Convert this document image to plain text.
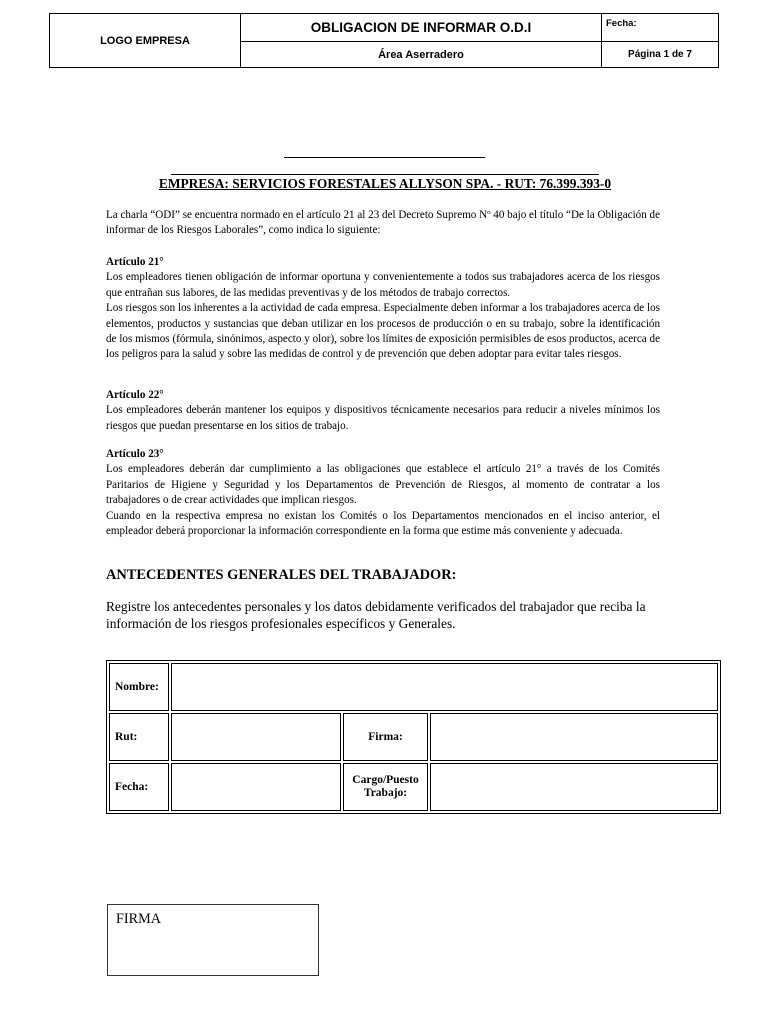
LOGO EMPRESA	OBLIGACION DE INFORMAR O.D.I	Fecha:
	Área Aserradero	Página 1 de 7
EMPRESA: SERVICIOS FORESTALES ALLYSON SPA. - RUT: 76.399.393-0

La charla “ODI” se encuentra normado en el artículo 21 al 23 del Decreto Supremo Nº 40 bajo el título “De la Obligación de informar de los Riesgos Laborales”, como indica lo siguiente:

Artículo 21°

Los empleadores tienen obligación de informar oportuna y convenientemente a todos sus trabajadores acerca de los riesgos que entrañan sus labores, de las medidas preventivas y de los métodos de trabajo correctos.

Los riesgos son los inherentes a la actividad de cada empresa. Especialmente deben informar a los trabajadores acerca de los elementos, productos y sustancias que deban utilizar en los procesos de producción o en su trabajo, sobre la identificación de los mismos (fórmula, sinónimos, aspecto y olor), sobre los límites de exposición permisibles de esos productos, acerca de los peligros para la salud y sobre las medidas de control y de prevención que deben adoptar para evitar tales riesgos.

Artículo 22°

Los empleadores deberán mantener los equipos y dispositivos técnicamente necesarios para reducir a niveles mínimos los riesgos que puedan presentarse en los sitios de trabajo.

Artículo 23°

Los empleadores deberán dar cumplimiento a las obligaciones que establece el artículo 21° a través de los Comités Paritarios de Higiene y Seguridad y los Departamentos de Prevención de Riesgos, al momento de contratar a los trabajadores o de crear actividades que implican riesgos.

Cuando en la respectiva empresa no existan los Comités o los Departamentos mencionados en el inciso anterior, el empleador deberá proporcionar la información correspondiente en la forma que estime más conveniente y adecuada.

ANTECEDENTES GENERALES DEL TRABAJADOR:

Registre los antecedentes personales y los datos debidamente verificados del trabajador que reciba la información de los riesgos profesionales específicos y Generales.

Nombre:			
Rut:		Firma:	
Fecha:		Cargo/Puesto
Trabajo:	
FIRMA
